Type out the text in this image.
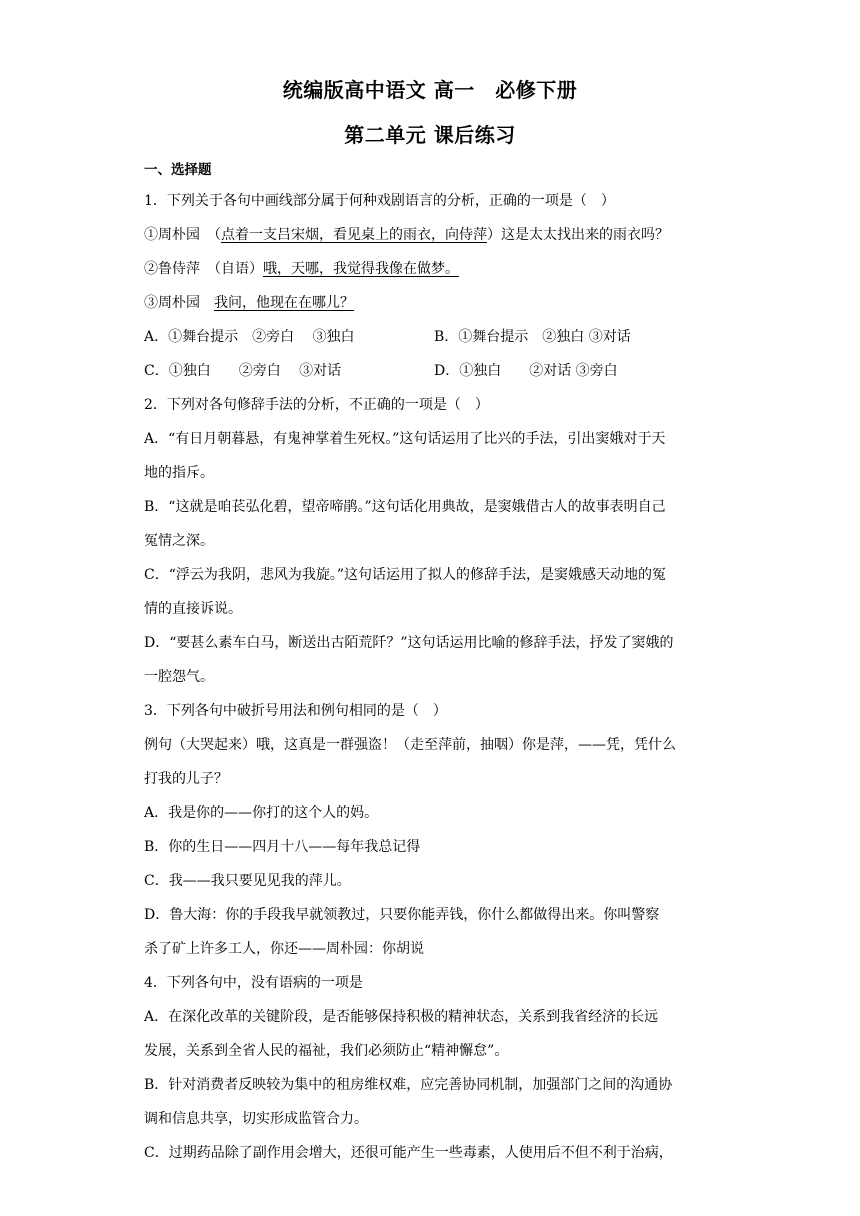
统编版高中语文 高一　必修下册
第二单元 课后练习
一、选择题
1．下列关于各句中画线部分属于何种戏剧语言的分析，正确的一项是（　）
①周朴园　（点着一支吕宋烟，看见桌上的雨衣，向侍萍）这是太太找出来的雨衣吗？
②鲁侍萍　（自语）哦，天哪，我觉得我像在做梦。
③周朴园　我问，他现在在哪儿？
A．①舞台提示　②旁白　 ③独白	B．①舞台提示　②独白 ③对话
C．①独白　　②旁白　 ③对话	D．①独白　　②对话 ③旁白
2．下列对各句修辞手法的分析，不正确的一项是（　）
A．“有日月朝暮悬，有鬼神掌着生死权。”这句话运用了比兴的手法，引出窦娥对于天
地的指斥。
B．“这就是咱苌弘化碧，望帝啼鹃。”这句话化用典故，是窦娥借古人的故事表明自己
冤情之深。
C．“浮云为我阴，悲风为我旋。”这句话运用了拟人的修辞手法，是窦娥感天动地的冤
情的直接诉说。
D．“要甚么素车白马，断送出古陌荒阡？”这句话运用比喻的修辞手法，抒发了窦娥的
一腔怨气。
3．下列各句中破折号用法和例句相同的是（　）
例句（大哭起来）哦，这真是一群强盗！（走至萍前，抽咽）你是萍，——凭，凭什么
打我的儿子？
A．我是你的——你打的这个人的妈。
B．你的生日——四月十八——每年我总记得
C．我——我只要见见我的萍儿。
D．鲁大海：你的手段我早就领教过，只要你能弄钱，你什么都做得出来。你叫警察
杀了矿上许多工人，你还——周朴园：你胡说
4．下列各句中，没有语病的一项是
A．在深化改革的关键阶段，是否能够保持积极的精神状态，关系到我省经济的长远
发展，关系到全省人民的福祉，我们必须防止“精神懈怠”。
B．针对消费者反映较为集中的租房维权难，应完善协同机制，加强部门之间的沟通协
调和信息共享，切实形成监管合力。
C．过期药品除了副作用会增大，还很可能产生一些毒素，人使用后不但不利于治病，
